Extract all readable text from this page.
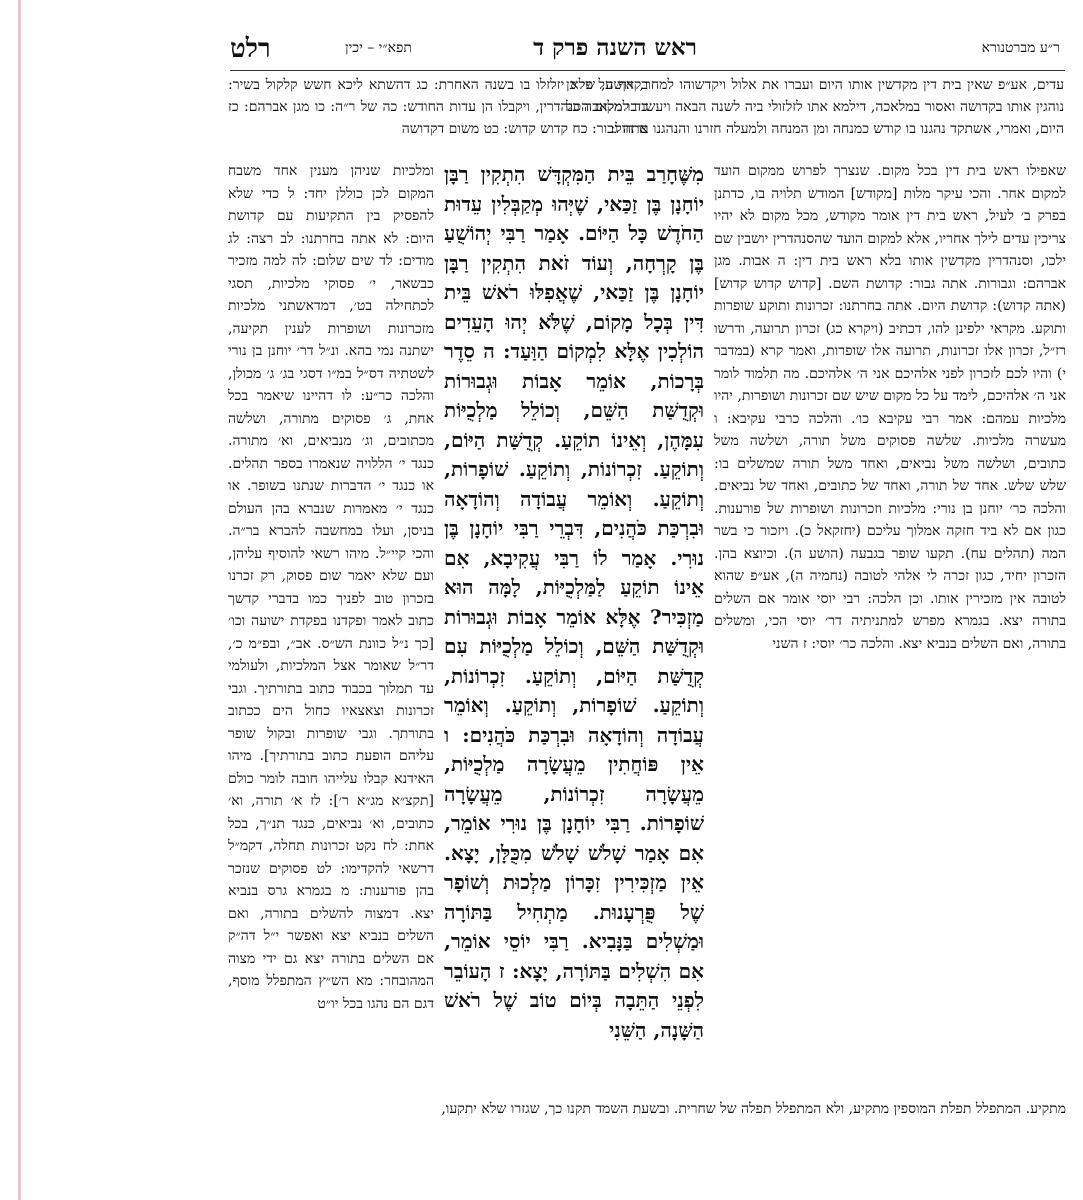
רלט	תפא״י – יכין	ראש השנה פרק ד	ר״ע מברטנורא

בקדושה, שלא יזלזלו בו בשנה האחרת: כג דהשתא ליכא חשש קלקול בשיר: כד למקום הסנהדרין, ויקבלו הן עדות החודש: כה של ר״ה: כו מגן אברהם: כז אתה גבור: כח קדוש קדוש: כט משום דקדושה

עדים, אע״פ שאין בית דין מקדשין אותו היום ועברו את אלול ויקדשוהו למחר, אף על פי כן נוהגין אותו בקדושה ואסור במלאכה, דילמא אתו לזלזולי ביה לשנה הבאה ויעשו בו מלאכה כל היום, ואמרי, אשתקד נהגנו בו קודש כמנחה ומן המנחה ולמעלה חזרנו והנהגנו בו חול:

ומלכיות שניהן מענין אחד משבח המקום לכן כוללן יחד: ל כדי שלא להפסיק בין התקיעות עם קדושת היום: לא אתה בחרתנו: לב רצה: לג מודים: לד שים שלום: לה למה מזכיר כבשאר, י׳ פסוקי מלכיות, תסגי לכתחילה בט׳, דמדאשתני מלכיות מזכרונות ושופרות לענין תקיעה, ישתנה נמי בהא. ונ״ל דר׳ יוחנן בן נורי לשטתיה דס״ל במ״ו דסגי בג׳ ג׳ מכולן, והלכה כר״ע: לו דהיינו שיאמר בכל אחת, ג׳ פסוקים מתורה, ושלשה מכתובים, וג׳ מנביאים, וא׳ מתורה. כנגד י׳ הללויה שנאמרו בספר תהלים. או כנגד י׳ הדברות שנתנו בשופר. או כנגד י׳ מאמרות שנברא בהן העולם בניסן, ועלו במחשבה להברא בר״ה. והכי קיי״ל. מיהו רשאי להוסיף עליהן, ועם שלא יאמר שום פסוק, רק זכרנו בזכרון טוב לפניך כמו בדברי קדשך כתוב לאמר ופקדנו בפקדת ישועה וכו׳ [כך נ״ל כוונת הש״ס. אב״, ובפ״מ כ׳, דר״ל שאומר אצל המלכיות, ולעולמי עד תמלוך בכבוד כתוב בתורתיך. וגבי זכרונות וצאצאיו כחול הים ככתוב בתורתך. וגבי שופרות ובקול שופר עליהם הופעת כתוב בתורתיך]. מיהו האידנא קבלו עלייהו חובה לומר כולם [תקצ״א מג״א ר׳]: לז א׳ תורה, וא׳ כתובים, וא׳ נביאים, כנגד תנ״ך, בכל אחת: לח נקט זכרונות תחלה, דקמ״ל דרשאי להקדימו: לט פסוקים שנזכר בהן פורענות: מ בגמרא גרס בנביא יצא. דמצוה להשלים בתורה, ואם השלים בנביא יצא ואפשר י״ל דה״ק אם השלים בתורה יצא גם ידי מצוה המהובחר: מא הש״ץ המתפלל מוסף, דגם הם נהגו בכל יו״ט

מִשֶּׁחָרַב בֵּית הַמִּקְדָּשׁ הִתְקִין רַבָּן יוֹחָנָן בֶּן זַכַּאי, שֶׁיְּהוּ מְקַבְּלִין עֵדוּת הַחֹדֶשׁ כָּל הַיּוֹם. אָמַר רַבִּי יְהוֹשֻׁעַ בֶּן קָרְחָה, וְעוֹד זֹאת הִתְקִין רַבָּן יוֹחָנָן בֶּן זַכַּאי, שֶׁאֲפִלּוּ רֹאשׁ בֵּית דִּין בְּכָל מָקוֹם, שֶׁלֹּא יְהוּ הָעֵדִים הוֹלְכִין אֶלָּא לִמְקוֹם הַוַּעַד: ה סֵדֶר בְּרָכוֹת, אוֹמֵר אָבוֹת וּגְבוּרוֹת וּקְדֻשַּׁת הַשֵּׁם, וְכוֹלֵל מַלְכֻיּוֹת עִמָּהֶן, וְאֵינוֹ תוֹקֵעַ. קְדֻשַּׁת הַיּוֹם, וְתוֹקֵעַ. זִכְרוֹנוֹת, וְתוֹקֵעַ. שׁוֹפָרוֹת, וְתוֹקֵעַ. וְאוֹמֵר עֲבוֹדָה וְהוֹדָאָה וּבִרְכַּת כֹּהֲנִים, דִּבְרֵי רַבִּי יוֹחָנָן בֶּן נוּרִי. אָמַר לוֹ רַבִּי עֲקִיבָא, אִם אֵינוֹ תוֹקֵעַ לַמַּלְכֻיּוֹת, לָמָּה הוּא מַזְכִּיר? אֶלָּא אוֹמֵר אָבוֹת וּגְבוּרוֹת וּקְדֻשַּׁת הַשֵּׁם, וְכוֹלֵל מַלְכֻיּוֹת עִם קְדֻשַּׁת הַיּוֹם, וְתוֹקֵעַ. זִכְרוֹנוֹת, וְתוֹקֵעַ. שׁוֹפָרוֹת, וְתוֹקֵעַ. וְאוֹמֵר עֲבוֹדָה וְהוֹדָאָה וּבִרְכַּת כֹּהֲנִים: ו אֵין פּוֹחֲתִין מֵעֲשָׂרָה מַלְכֻיּוֹת, מֵעֲשָׂרָה זִכְרוֹנוֹת, מֵעֲשָׂרָה שׁוֹפָרוֹת. רַבִּי יוֹחָנָן בֶּן נוּרִי אוֹמֵר, אִם אָמַר שָׁלֹשׁ שָׁלֹשׁ מִכֻּלָּן, יָצָא. אֵין מַזְכִּירִין זִכָּרוֹן מַלְכוּת וְשׁוֹפָר שֶׁל פֻּרְעָנוּת. מַתְחִיל בַּתּוֹרָה וּמַשְׁלִים בַּנָּבִיא. רַבִּי יוֹסֵי אוֹמֵר, אִם הִשְׁלִים בַּתּוֹרָה, יָצָא: ז הָעוֹבֵר לִפְנֵי הַתֵּבָה בְּיוֹם טוֹב שֶׁל רֹאשׁ הַשָּׁנָה, הַשֵּׁנִי

שאפילו ראש בית דין בכל מקום. שנצרך לפרוש ממקום הועד למקום אחר. והכי עיקר מלות [מקודש] המודש תלויה בו, כדתנן בפרק ב׳ לעיל, ראש בית דין אומר מקודש, מכל מקום לא יהיו צריכין עדים לילך אחריו, אלא למקום הועד שהסנהדרין יושבין שם ילכו, וסנהדרין מקדשין אותו בלא ראש בית דין: ה אבות. מגן אברהם: וגבורות. אתה גבור: קדושת השם. [קדוש קדוש קדוש] (אתה קדוש): קדושת היום. אתה בחרתנו: זכרונות ותוקע שופרות ותוקע. מקראי ילפינן להו, דכתיב (ויקרא כג) זכרון תרועה, ודרשו רז״ל, זכרון אלו זכרונות, תרועה אלו שופרות, ואמר קרא (במדבר י) והיו לכם לזכרון לפני אלהיכם אני ה׳ אלהיכם. מה תלמוד לומר אני ה׳ אלהיכם, לימד על כל מקום שיש שם זכרונות ושופרות, יהיו מלכיות עמהם: אמר רבי עקיבא כו׳. והלכה כרבי עקיבא: ו מעשרה מלכיות. שלשה פסוקים משל תורה, ושלשה משל כתובים, ושלשה משל נביאים, ואחד משל תורה שמשלים בו: שלש שלש. אחד של תורה, ואחד של כתובים, ואחד של נביאים. והלכה כר׳ יוחנן בן נורי: מלכיות וזכרונות ושופרות של פורענות. כגון אם לא ביד חזקה אמלוך עליכם (יחזקאל כ). ויזכור כי בשר המה (תהלים עח). תקעו שופר בגבעה (הושע ה). וכיוצא בהן. הזכרון יחיד, כגון זכרה לי אלהי לטובה (נחמיה ה), אע״פ שהוא לטובה אין מזכירין אותו. וכן הלכה: רבי יוסי אומר אם השלים בתורה יצא. בגמרא מפרש למתניתיה דר׳ יוסי הכי, ומשלים בתורה, ואם השלים בנביא יצא. והלכה כר׳ יוסי: ז השני

מתקיע. המתפלל תפלת המוספין מתקיע, ולא המתפלל תפלה של שחרית. ובשעת השמד תקנו כך, שגזרו שלא יתקעו,
